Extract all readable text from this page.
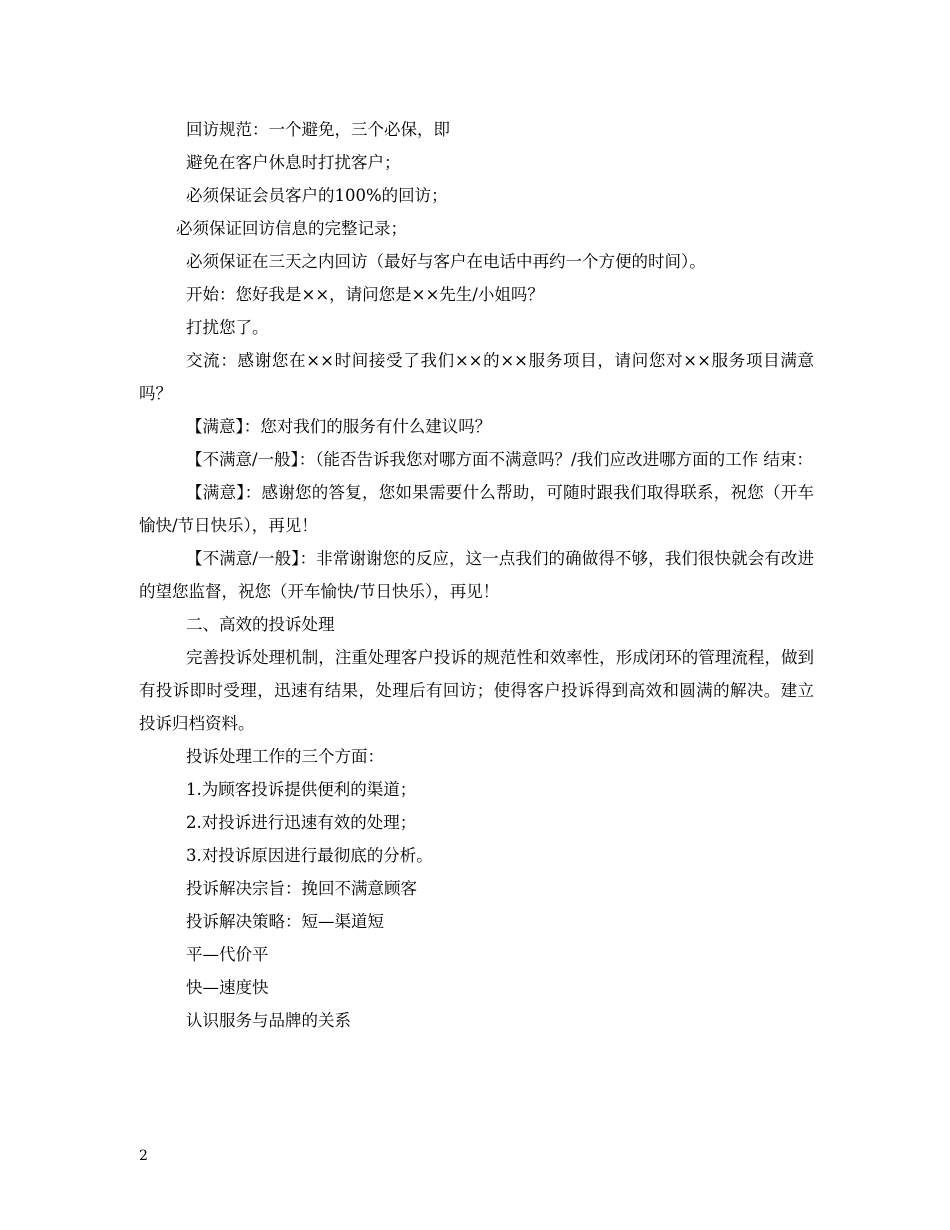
回访规范：一个避免，三个必保，即

避免在客户休息时打扰客户；

必须保证会员客户的100%的回访；

必须保证回访信息的完整记录；

必须保证在三天之内回访（最好与客户在电话中再约一个方便的时间）。

开始：您好我是××，请问您是××先生/小姐吗？

打扰您了。

交流：感谢您在××时间接受了我们××的××服务项目，请问您对××服务项目满意吗？

【满意】：您对我们的服务有什么建议吗？

【不满意/一般】：（能否告诉我您对哪方面不满意吗？/我们应改进哪方面的工作 结束：

【满意】：感谢您的答复，您如果需要什么帮助，可随时跟我们取得联系，祝您（开车愉快/节日快乐），再见！

【不满意/一般】：非常谢谢您的反应，这一点我们的确做得不够，我们很快就会有改进的望您监督，祝您（开车愉快/节日快乐），再见！

二、高效的投诉处理

完善投诉处理机制，注重处理客户投诉的规范性和效率性，形成闭环的管理流程，做到有投诉即时受理，迅速有结果，处理后有回访；使得客户投诉得到高效和圆满的解决。建立投诉归档资料。

投诉处理工作的三个方面：

1.为顾客投诉提供便利的渠道；

2.对投诉进行迅速有效的处理；

3.对投诉原因进行最彻底的分析。

投诉解决宗旨：挽回不满意顾客

投诉解决策略：短—渠道短

平—代价平

快—速度快

认识服务与品牌的关系

2
